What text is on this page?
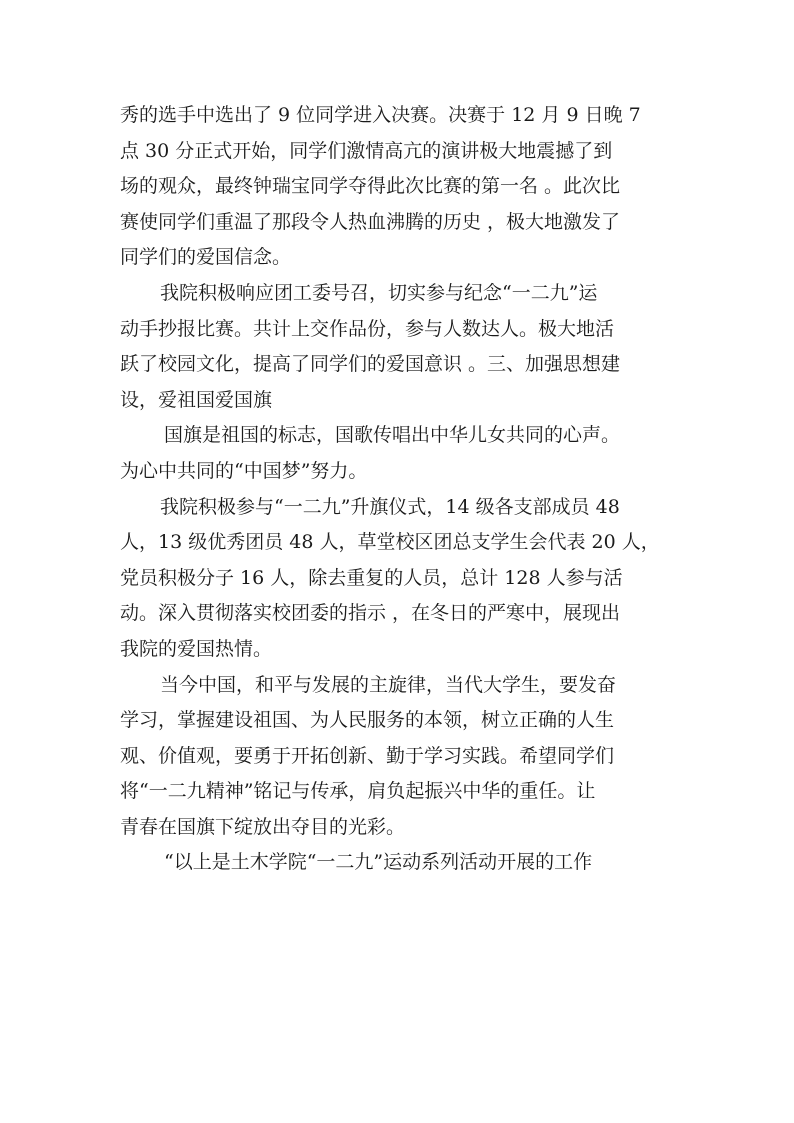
秀的选手中选出了 9 位同学进入决赛。决赛于 12 月 9 日晚 7
点 30 分正式开始，同学们激情高亢的演讲极大地震撼了到
场的观众，最终钟瑞宝同学夺得此次比赛的第一名 。此次比
赛使同学们重温了那段令人热血沸腾的历史 ，极大地激发了
同学们的爱国信念。
我院积极响应团工委号召，切实参与纪念“一二九”运
动手抄报比赛。共计上交作品份，参与人数达人。极大地活
跃了校园文化，提高了同学们的爱国意识 。三、加强思想建
设，爱祖国爱国旗
国旗是祖国的标志，国歌传唱出中华儿女共同的心声。
为心中共同的“中国梦”努力。
我院积极参与“一二九”升旗仪式，14 级各支部成员 48
人，13 级优秀团员 48 人，草堂校区团总支学生会代表 20 人，
党员积极分子 16 人，除去重复的人员，总计 128 人参与活
动。深入贯彻落实校团委的指示 ，在冬日的严寒中，展现出
我院的爱国热情。
当今中国，和平与发展的主旋律，当代大学生，要发奋
学习，掌握建设祖国、为人民服务的本领，树立正确的人生
观、价值观，要勇于开拓创新、勤于学习实践。希望同学们
将“一二九精神”铭记与传承，肩负起振兴中华的重任。让
青春在国旗下绽放出夺目的光彩。
“以上是土木学院“一二九”运动系列活动开展的工作
